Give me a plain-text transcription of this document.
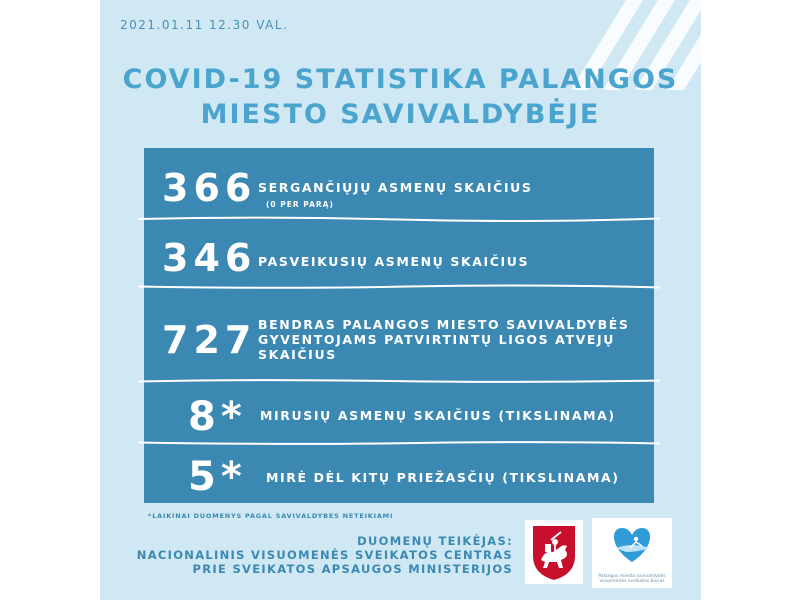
2021.01.11 12.30 VAL.
COVID-19 STATISTIKA PALANGOS
MIESTO SAVIVALDYBĖJE
366 SERGANČIŲJŲ ASMENŲ SKAIČIUS
(0 PER PARĄ)
346 PASVEIKUSIŲ ASMENŲ SKAIČIUS
727 BENDRAS PALANGOS MIESTO SAVIVALDYBĖS
GYVENTOJAMS PATVIRTINTŲ LIGOS ATVEJŲ
SKAIČIUS
8* MIRUSIŲ ASMENŲ SKAIČIUS (TIKSLINAMA)
5* MIRĖ DĖL KITŲ PRIEŽASČIŲ (TIKSLINAMA)
*LAIKINAI DUOMENYS PAGAL SAVIVALDYBES NETEIKIAMI
DUOMENŲ TEIKĖJAS:
NACIONALINIS VISUOMENĖS SVEIKATOS CENTRAS
PRIE SVEIKATOS APSAUGOS MINISTERIJOS
Palangos miesto savivaldybės
visuomenės sveikatos biuras
